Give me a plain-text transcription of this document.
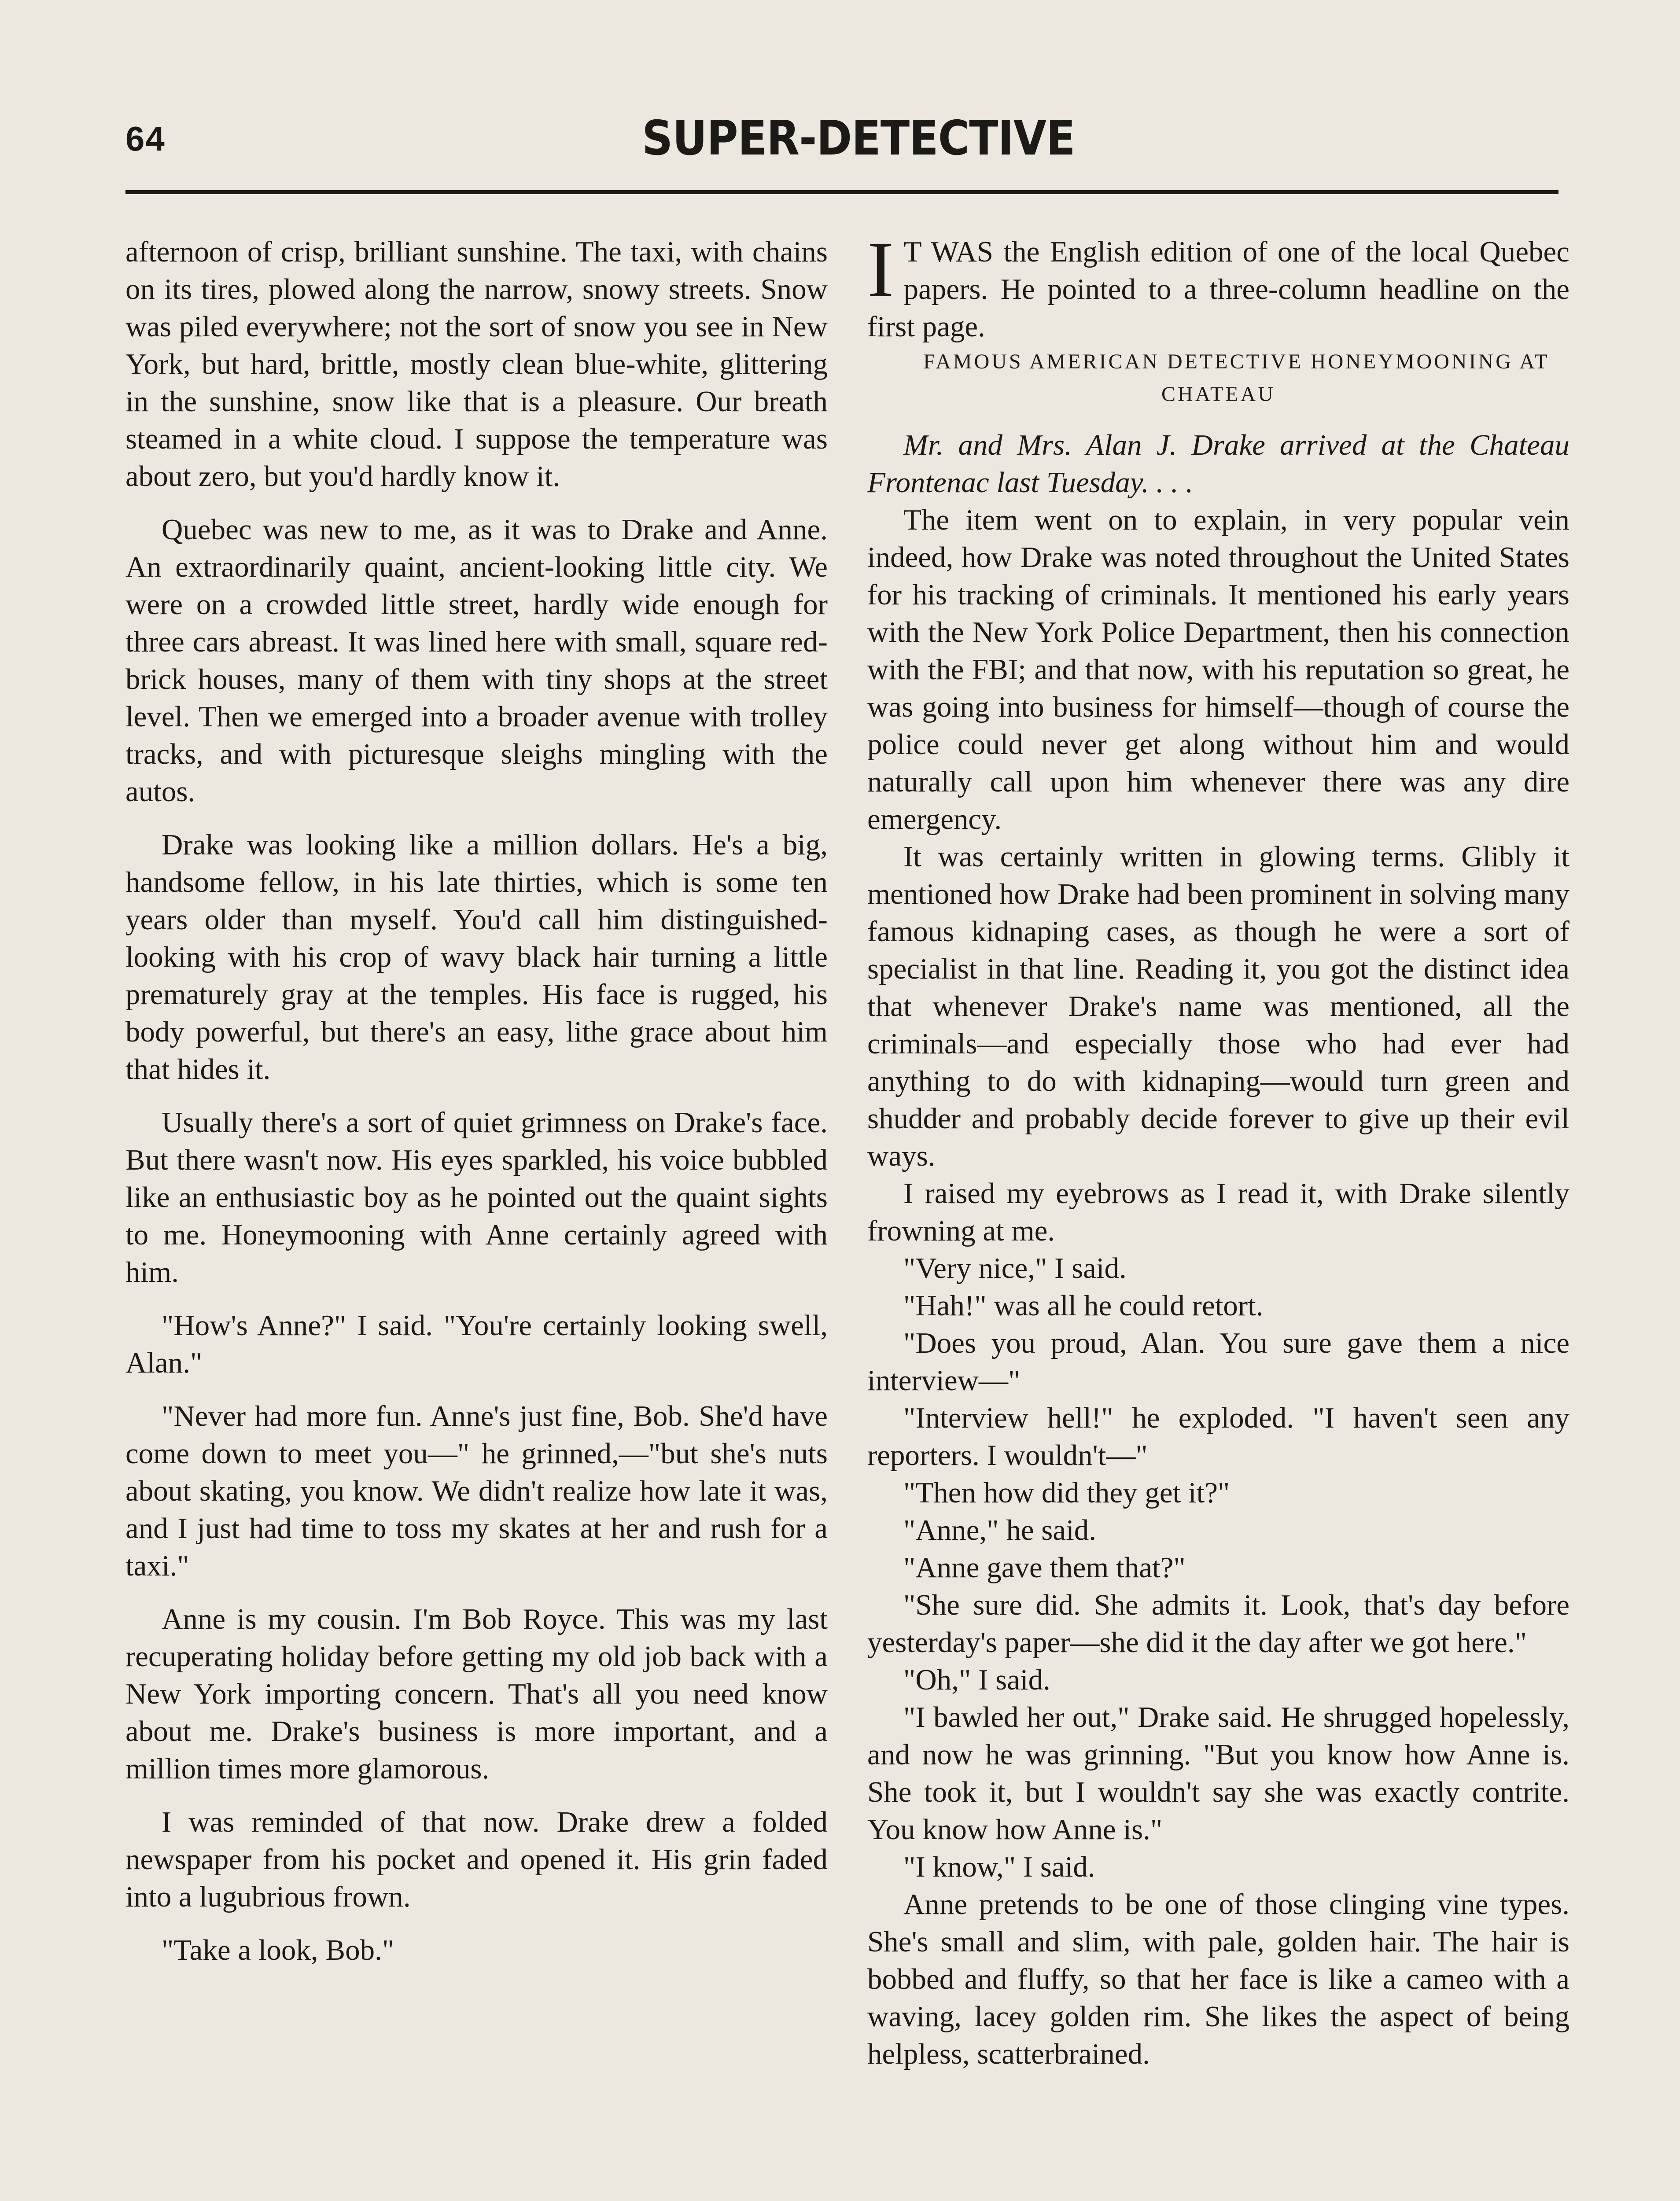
64	SUPER-DETECTIVE

afternoon of crisp, brilliant sunshine. The taxi, with chains on its tires, plowed along the narrow, snowy streets. Snow was piled everywhere; not the sort of snow you see in New York, but hard, brittle, mostly clean blue-white, glittering in the sunshine, snow like that is a pleasure. Our breath steamed in a white cloud. I suppose the temperature was about zero, but you'd hardly know it.

Quebec was new to me, as it was to Drake and Anne. An extraordinarily quaint, ancient-looking little city. We were on a crowded little street, hardly wide enough for three cars abreast. It was lined here with small, square red-brick houses, many of them with tiny shops at the street level. Then we emerged into a broader avenue with trolley tracks, and with picturesque sleighs mingling with the autos.

Drake was looking like a million dollars. He's a big, handsome fellow, in his late thirties, which is some ten years older than myself. You'd call him distinguished-looking with his crop of wavy black hair turning a little prematurely gray at the temples. His face is rugged, his body powerful, but there's an easy, lithe grace about him that hides it.

Usually there's a sort of quiet grimness on Drake's face. But there wasn't now. His eyes sparkled, his voice bubbled like an enthusiastic boy as he pointed out the quaint sights to me. Honeymooning with Anne certainly agreed with him.

"How's Anne?" I said. "You're certainly looking swell, Alan."

"Never had more fun. Anne's just fine, Bob. She'd have come down to meet you—" he grinned,—"but she's nuts about skating, you know. We didn't realize how late it was, and I just had time to toss my skates at her and rush for a taxi."

Anne is my cousin. I'm Bob Royce. This was my last recuperating holiday before getting my old job back with a New York importing concern. That's all you need know about me. Drake's business is more important, and a million times more glamorous.

I was reminded of that now. Drake drew a folded newspaper from his pocket and opened it. His grin faded into a lugubrious frown.

"Take a look, Bob."

I T WAS the English edition of one of the local Quebec papers. He pointed to a three-column headline on the first page.

FAMOUS AMERICAN DETECTIVE HONEYMOONING AT CHATEAU

Mr. and Mrs. Alan J. Drake arrived at the Chateau Frontenac last Tuesday. . . .

The item went on to explain, in very popular vein indeed, how Drake was noted throughout the United States for his tracking of criminals. It mentioned his early years with the New York Police Department, then his connection with the FBI; and that now, with his reputation so great, he was going into business for himself—though of course the police could never get along without him and would naturally call upon him whenever there was any dire emergency.

It was certainly written in glowing terms. Glibly it mentioned how Drake had been prominent in solving many famous kidnaping cases, as though he were a sort of specialist in that line. Reading it, you got the distinct idea that whenever Drake's name was mentioned, all the criminals—and especially those who had ever had anything to do with kidnaping—would turn green and shudder and probably decide forever to give up their evil ways.

I raised my eyebrows as I read it, with Drake silently frowning at me.

"Very nice," I said.

"Hah!" was all he could retort.

"Does you proud, Alan. You sure gave them a nice interview—"

"Interview hell!" he exploded. "I haven't seen any reporters. I wouldn't—"

"Then how did they get it?"

"Anne," he said.

"Anne gave them that?"

"She sure did. She admits it. Look, that's day before yesterday's paper—she did it the day after we got here."

"Oh," I said.

"I bawled her out," Drake said. He shrugged hopelessly, and now he was grinning. "But you know how Anne is. She took it, but I wouldn't say she was exactly contrite. You know how Anne is."

"I know," I said.

Anne pretends to be one of those clinging vine types. She's small and slim, with pale, golden hair. The hair is bobbed and fluffy, so that her face is like a cameo with a waving, lacey golden rim. She likes the aspect of being helpless, scatterbrained.
